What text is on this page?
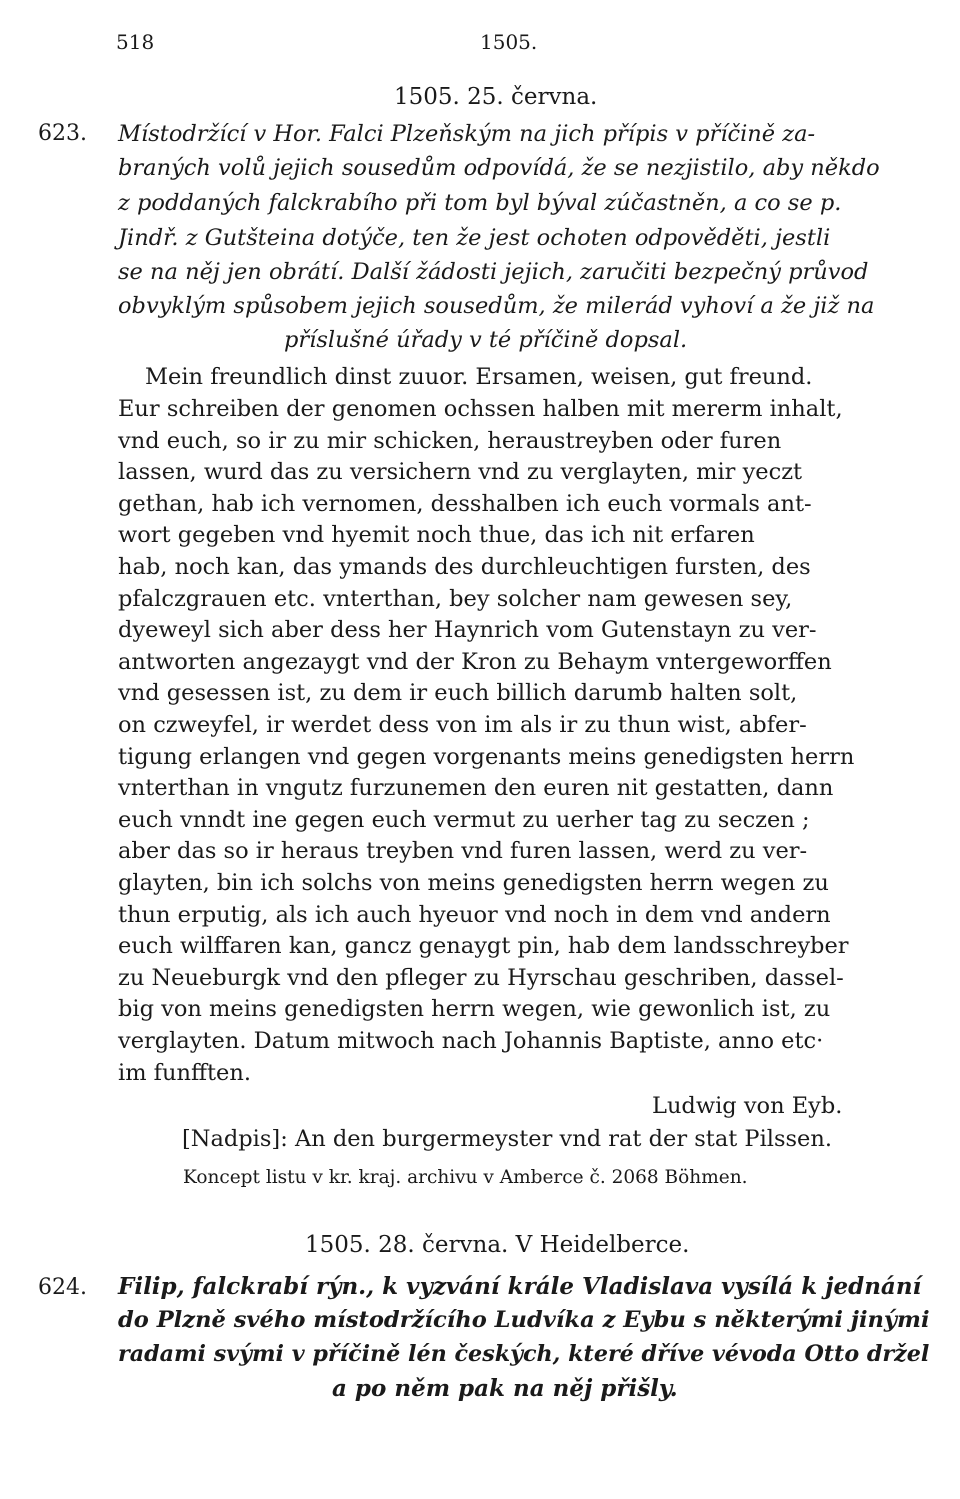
518	1505.
1505. 25. června.
623. Místodržící v Hor. Falci Plzeňským na jich přípis v příčině za-
braných volů jejich sousedům odpovídá, že se nezjistilo, aby někdo
z poddaných falckrabího při tom byl býval zúčastněn, a co se p.
Jindř. z Gutšteina dotýče, ten že jest ochoten odpověděti, jestli
se na něj jen obrátí. Další žádosti jejich, zaručiti bezpečný průvod
obvyklým spůsobem jejich sousedům, že milerád vyhoví a že již na
příslušné úřady v té příčině dopsal.
Mein freundlich dinst zuuor. Ersamen, weisen, gut freund.
Eur schreiben der genomen ochssen halben mit mererm inhalt,
vnd euch, so ir zu mir schicken, heraustreyben oder furen
lassen, wurd das zu versichern vnd zu verglayten, mir yeczt
gethan, hab ich vernomen, desshalben ich euch vormals ant-
wort gegeben vnd hyemit noch thue, das ich nit erfaren
hab, noch kan, das ymands des durchleuchtigen fursten, des
pfalczgrauen etc. vnterthan, bey solcher nam gewesen sey,
dyeweyl sich aber dess her Haynrich vom Gutenstayn zu ver-
antworten angezaygt vnd der Kron zu Behaym vntergeworffen
vnd gesessen ist, zu dem ir euch billich darumb halten solt,
on czweyfel, ir werdet dess von im als ir zu thun wist, abfer-
tigung erlangen vnd gegen vorgenants meins genedigsten herrn
vnterthan in vngutz furzunemen den euren nit gestatten, dann
euch vnndt ine gegen euch vermut zu uerher tag zu seczen ;
aber das so ir heraus treyben vnd furen lassen, werd zu ver-
glayten, bin ich solchs von meins genedigsten herrn wegen zu
thun erputig, als ich auch hyeuor vnd noch in dem vnd andern
euch wilffaren kan, gancz genaygt pin, hab dem landsschreyber
zu Neueburgk vnd den pfleger zu Hyrschau geschriben, dassel-
big von meins genedigsten herrn wegen, wie gewonlich ist, zu
verglayten. Datum mitwoch nach Johannis Baptiste, anno etc·
im funfften.
Ludwig von Eyb.
[Nadpis]: An den burgermeyster vnd rat der stat Pilssen.
Koncept listu v kr. kraj. archivu v Amberce č. 2068 Böhmen.
1505. 28. června. V Heidelberce.
624. Filip, falckrabí rýn., k vyzvání krále Vladislava vysílá k jednání
do Plzně svého místodržícího Ludvíka z Eybu s některými jinými
radami svými v příčině lén českých, které dříve vévoda Otto držel
a po něm pak na něj přišly.
